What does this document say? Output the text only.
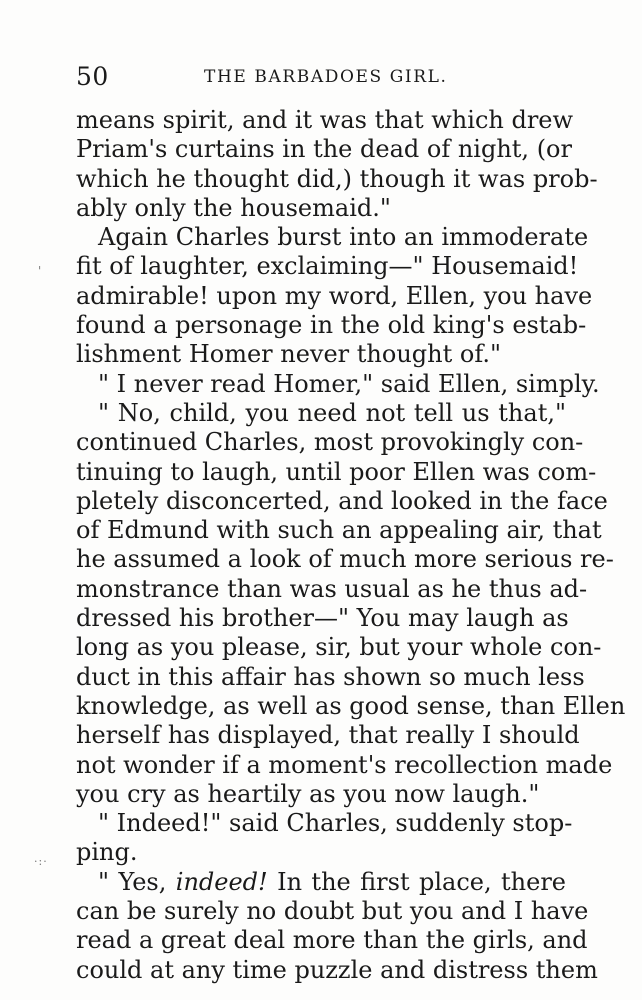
50	THE BARBADOES GIRL.
means spirit, and it was that which drew
Priam's curtains in the dead of night, (or
which he thought did,) though it was prob-
ably only the housemaid."
Again Charles burst into an immoderate
fit of laughter, exclaiming—" Housemaid!
admirable! upon my word, Ellen, you have
found a personage in the old king's estab-
lishment Homer never thought of."
" I never read Homer," said Ellen, simply.
" No, child, you need not tell us that,"
continued Charles, most provokingly con-
tinuing to laugh, until poor Ellen was com-
pletely disconcerted, and looked in the face
of Edmund with such an appealing air, that
he assumed a look of much more serious re-
monstrance than was usual as he thus ad-
dressed his brother—" You may laugh as
long as you please, sir, but your whole con-
duct in this affair has shown so much less
knowledge, as well as good sense, than Ellen
herself has displayed, that really I should
not wonder if a moment's recollection made
you cry as heartily as you now laugh."
" Indeed!" said Charles, suddenly stop-
ping.
" Yes, indeed! In the first place, there
can be surely no doubt but you and I have
read a great deal more than the girls, and
could at any time puzzle and distress them
'
·:·
